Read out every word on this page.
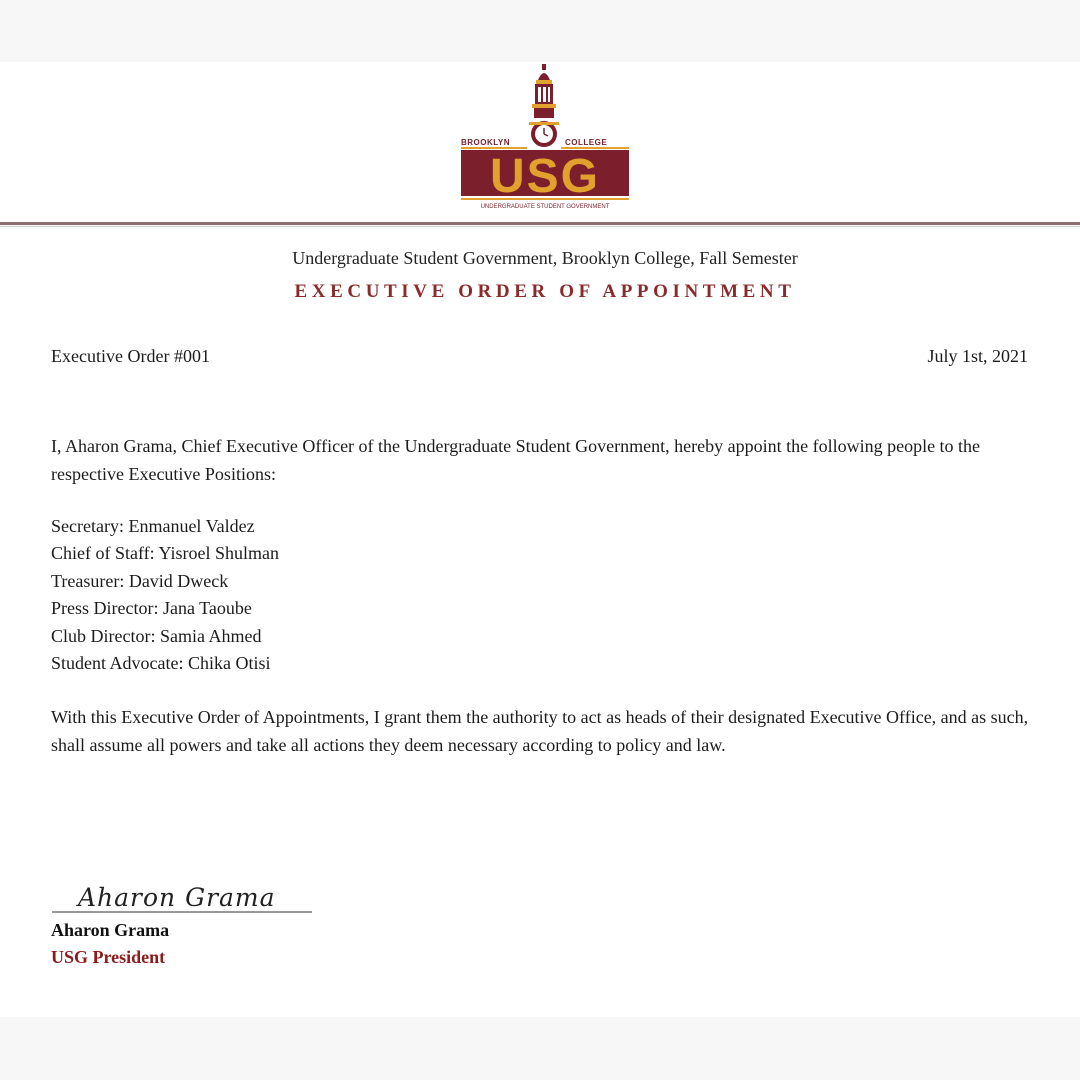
BROOKLYN	COLLEGE
USG
UNDERGRADUATE STUDENT GOVERNMENT
Undergraduate Student Government, Brooklyn College, Fall Semester
EXECUTIVE ORDER OF APPOINTMENT
Executive Order #001	July 1st, 2021
I, Aharon Grama, Chief Executive Officer of the Undergraduate Student Government, hereby appoint the following people to the respective Executive Positions:
Secretary: Enmanuel Valdez
Chief of Staff: Yisroel Shulman
Treasurer: David Dweck
Press Director: Jana Taoube
Club Director: Samia Ahmed
Student Advocate: Chika Otisi
With this Executive Order of Appointments, I grant them the authority to act as heads of their designated Executive Office, and as such, shall assume all powers and take all actions they deem necessary according to policy and law.
Aharon Grama
Aharon Grama
USG President
